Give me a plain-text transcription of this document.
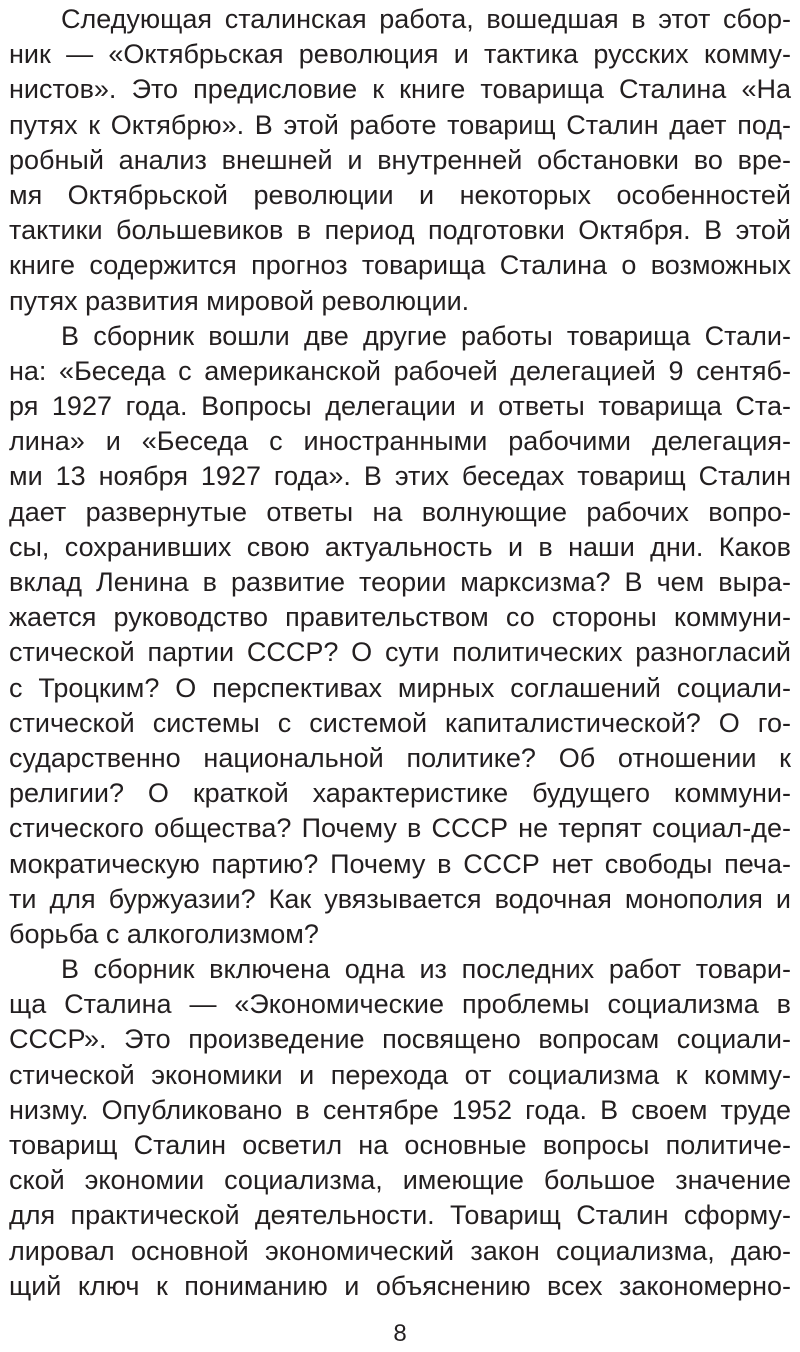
Следующая сталинская работа, вошедшая в этот сбор-
ник — «Октябрьская революция и тактика русских комму-
нистов». Это предисловие к книге товарища Сталина «На
путях к Октябрю». В этой работе товарищ Сталин дает под-
робный анализ внешней и внутренней обстановки во вре-
мя Октябрьской революции и некоторых особенностей
тактики большевиков в период подготовки Октября. В этой
книге содержится прогноз товарища Сталина о возможных
путях развития мировой революции.
В сборник вошли две другие работы товарища Стали-
на: «Беседа с американской рабочей делегацией 9 сентяб-
ря 1927 года. Вопросы делегации и ответы товарища Ста-
лина» и «Беседа с иностранными рабочими делегация-
ми 13 ноября 1927 года». В этих беседах товарищ Сталин
дает развернутые ответы на волнующие рабочих вопро-
сы, сохранивших свою актуальность и в наши дни. Каков
вклад Ленина в развитие теории марксизма? В чем выра-
жается руководство правительством со стороны коммуни-
стической партии СССР? О сути политических разногласий
с Троцким? О перспективах мирных соглашений социали-
стической системы с системой капиталистической? О го-
сударственно национальной политике? Об отношении к
религии? О краткой характеристике будущего коммуни-
стического общества? Почему в СССР не терпят социал-де-
мократическую партию? Почему в СССР нет свободы печа-
ти для буржуазии? Как увязывается водочная монополия и
борьба с алкоголизмом?
В сборник включена одна из последних работ товари-
ща Сталина — «Экономические проблемы социализма в
СССР». Это произведение посвящено вопросам социали-
стической экономики и перехода от социализма к комму-
низму. Опубликовано в сентябре 1952 года. В своем труде
товарищ Сталин осветил на основные вопросы политиче-
ской экономии социализма, имеющие большое значение
для практической деятельности. Товарищ Сталин сформу-
лировал основной экономический закон социализма, даю-
щий ключ к пониманию и объяснению всех закономерно-
8
